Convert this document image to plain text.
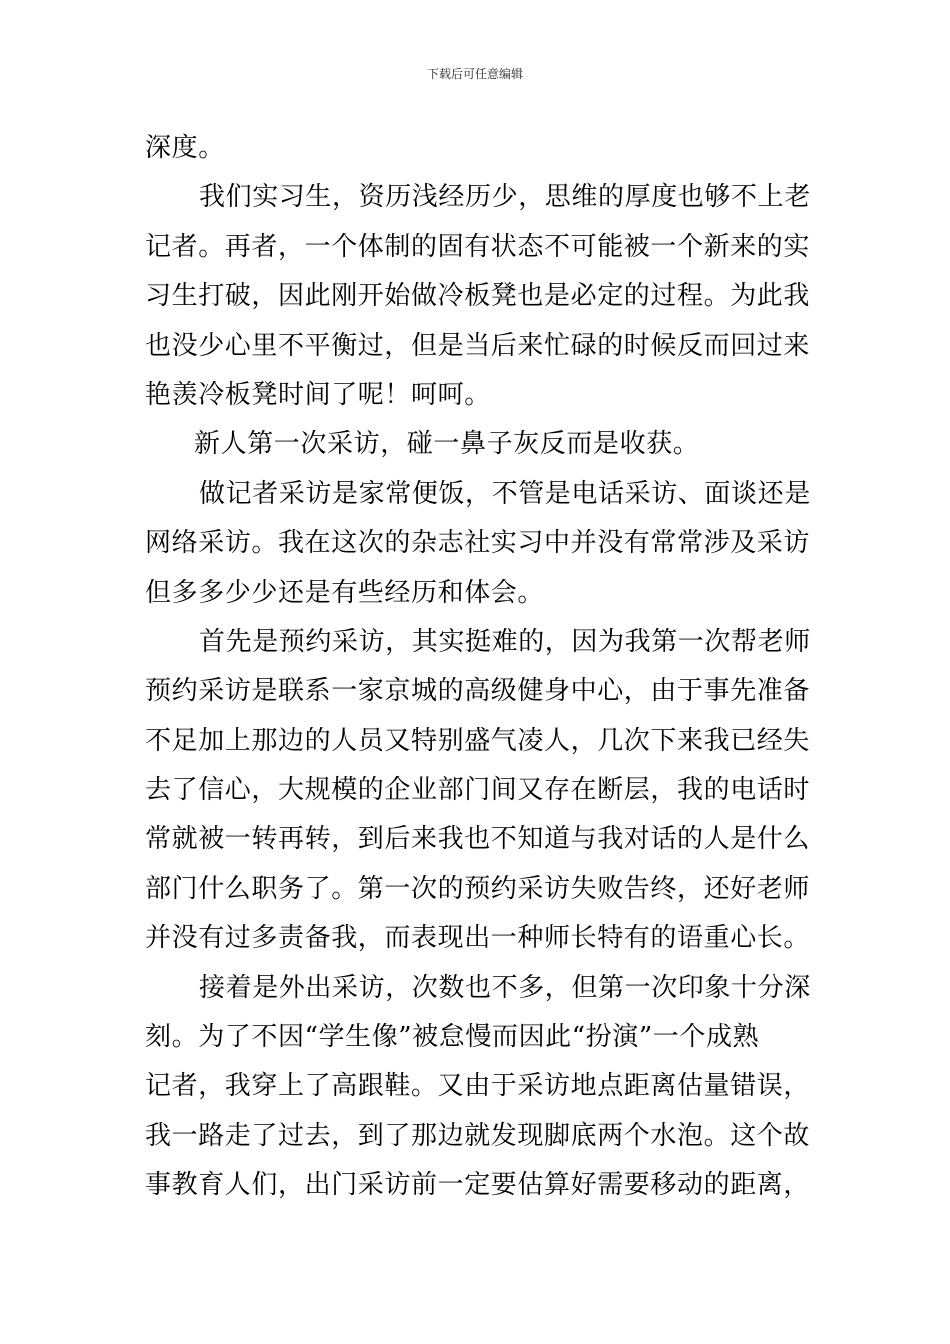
下载后可任意编辑
深度。
我们实习生，资历浅经历少，思维的厚度也够不上老
记者。再者，一个体制的固有状态不可能被一个新来的实
习生打破，因此刚开始做冷板凳也是必定的过程。为此我
也没少心里不平衡过，但是当后来忙碌的时候反而回过来
艳羡冷板凳时间了呢！呵呵。
新人第一次采访，碰一鼻子灰反而是收获。
做记者采访是家常便饭，不管是电话采访、面谈还是
网络采访。我在这次的杂志社实习中并没有常常涉及采访
但多多少少还是有些经历和体会。
首先是预约采访，其实挺难的，因为我第一次帮老师
预约采访是联系一家京城的高级健身中心，由于事先准备
不足加上那边的人员又特别盛气凌人，几次下来我已经失
去了信心，大规模的企业部门间又存在断层，我的电话时
常就被一转再转，到后来我也不知道与我对话的人是什么
部门什么职务了。第一次的预约采访失败告终，还好老师
并没有过多责备我，而表现出一种师长特有的语重心长。
接着是外出采访，次数也不多，但第一次印象十分深
刻。为了不因“学生像”被怠慢而因此“扮演”一个成熟
记者，我穿上了高跟鞋。又由于采访地点距离估量错误，
我一路走了过去，到了那边就发现脚底两个水泡。这个故
事教育人们，出门采访前一定要估算好需要移动的距离，
